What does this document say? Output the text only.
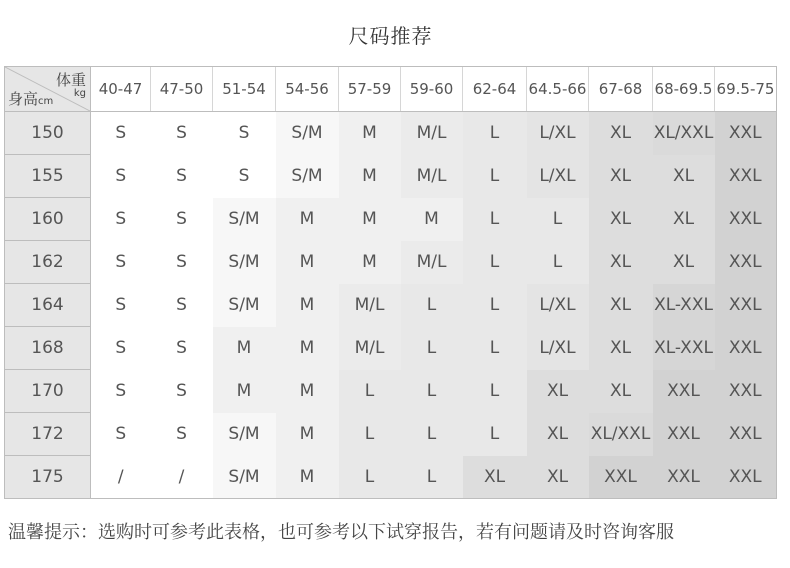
尺码推荐
体重
kg
身高cm	40-47	47-50	51-54	54-56	57-59	59-60	62-64	64.5-66	67-68	68-69.5	69.5-75
150	S	S	S	S/M	M	M/L	L	L/XL	XL	XL/XXL	XXL
155	S	S	S	S/M	M	M/L	L	L/XL	XL	XL	XXL
160	S	S	S/M	M	M	M	L	L	XL	XL	XXL
162	S	S	S/M	M	M	M/L	L	L	XL	XL	XXL
164	S	S	S/M	M	M/L	L	L	L/XL	XL	XL-XXL	XXL
168	S	S	M	M	M/L	L	L	L/XL	XL	XL-XXL	XXL
170	S	S	M	M	L	L	L	XL	XL	XXL	XXL
172	S	S	S/M	M	L	L	L	XL	XL/XXL	XXL	XXL
175	/	/	S/M	M	L	L	XL	XL	XXL	XXL	XXL
温馨提示：选购时可参考此表格，也可参考以下试穿报告，若有问题请及时咨询客服
